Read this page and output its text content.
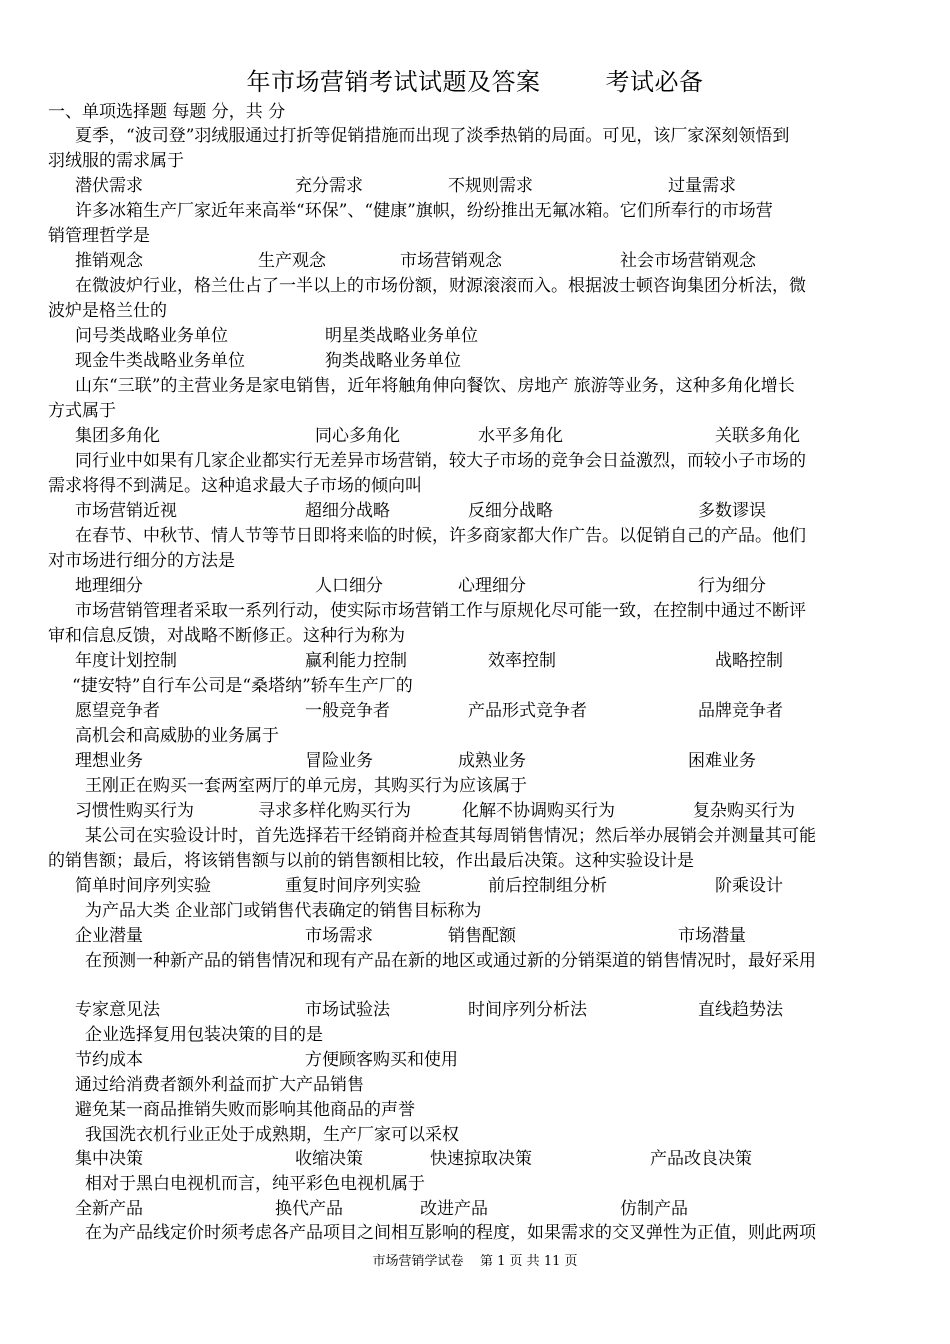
年市场营销考试试题及答案        考试必备
一、单项选择题 每题 分，共 分
夏季，“波司登”羽绒服通过打折等促销措施而出现了淡季热销的局面。可见，该厂家深刻领悟到
羽绒服的需求属于
潜伏需求	充分需求	不规则需求	过量需求
许多冰箱生产厂家近年来高举“环保”、“健康”旗帜，纷纷推出无氟冰箱。它们所奉行的市场营
销管理哲学是
推销观念	生产观念	市场营销观念	社会市场营销观念
在微波炉行业，格兰仕占了一半以上的市场份额，财源滚滚而入。根据波士顿咨询集团分析法，微
波炉是格兰仕的
问号类战略业务单位	明星类战略业务单位
现金牛类战略业务单位	狗类战略业务单位
山东“三联”的主营业务是家电销售，近年将触角伸向餐饮、房地产 旅游等业务，这种多角化增长
方式属于
集团多角化	同心多角化	水平多角化	关联多角化
同行业中如果有几家企业都实行无差异市场营销，较大子市场的竞争会日益激烈，而较小子市场的
需求将得不到满足。这种追求最大子市场的倾向叫
市场营销近视	超细分战略	反细分战略	多数谬误
在春节、中秋节、情人节等节日即将来临的时候，许多商家都大作广告。以促销自己的产品。他们
对市场进行细分的方法是
地理细分	人口细分	心理细分	行为细分
市场营销管理者采取一系列行动，使实际市场营销工作与原规化尽可能一致，在控制中通过不断评
审和信息反馈，对战略不断修正。这种行为称为
年度计划控制	赢利能力控制	效率控制	战略控制
“捷安特”自行车公司是“桑塔纳”轿车生产厂的
愿望竞争者	一般竞争者	产品形式竞争者	品牌竞争者
高机会和高威胁的业务属于
理想业务	冒险业务	成熟业务	困难业务
王刚正在购买一套两室两厅的单元房，其购买行为应该属于
习惯性购买行为	寻求多样化购买行为	化解不协调购买行为	复杂购买行为
某公司在实验设计时，首先选择若干经销商并检查其每周销售情况；然后举办展销会并测量其可能
的销售额；最后，将该销售额与以前的销售额相比较，作出最后决策。这种实验设计是
简单时间序列实验	重复时间序列实验	前后控制组分析	阶乘设计
为产品大类 企业部门或销售代表确定的销售目标称为
企业潜量	市场需求	销售配额	市场潜量
在预测一种新产品的销售情况和现有产品在新的地区或通过新的分销渠道的销售情况时，最好采用
专家意见法	市场试验法	时间序列分析法	直线趋势法
企业选择复用包装决策的目的是
节约成本	方便顾客购买和使用
通过给消费者额外利益而扩大产品销售
避免某一商品推销失败而影响其他商品的声誉
我国洗衣机行业正处于成熟期，生产厂家可以采权
集中决策	收缩决策	快速掠取决策	产品改良决策
相对于黑白电视机而言，纯平彩色电视机属于
全新产品	换代产品	改进产品	仿制产品
在为产品线定价时须考虑各产品项目之间相互影响的程度，如果需求的交叉弹性为正值，则此两项
市场营销学试卷    第 1 页 共 11 页
